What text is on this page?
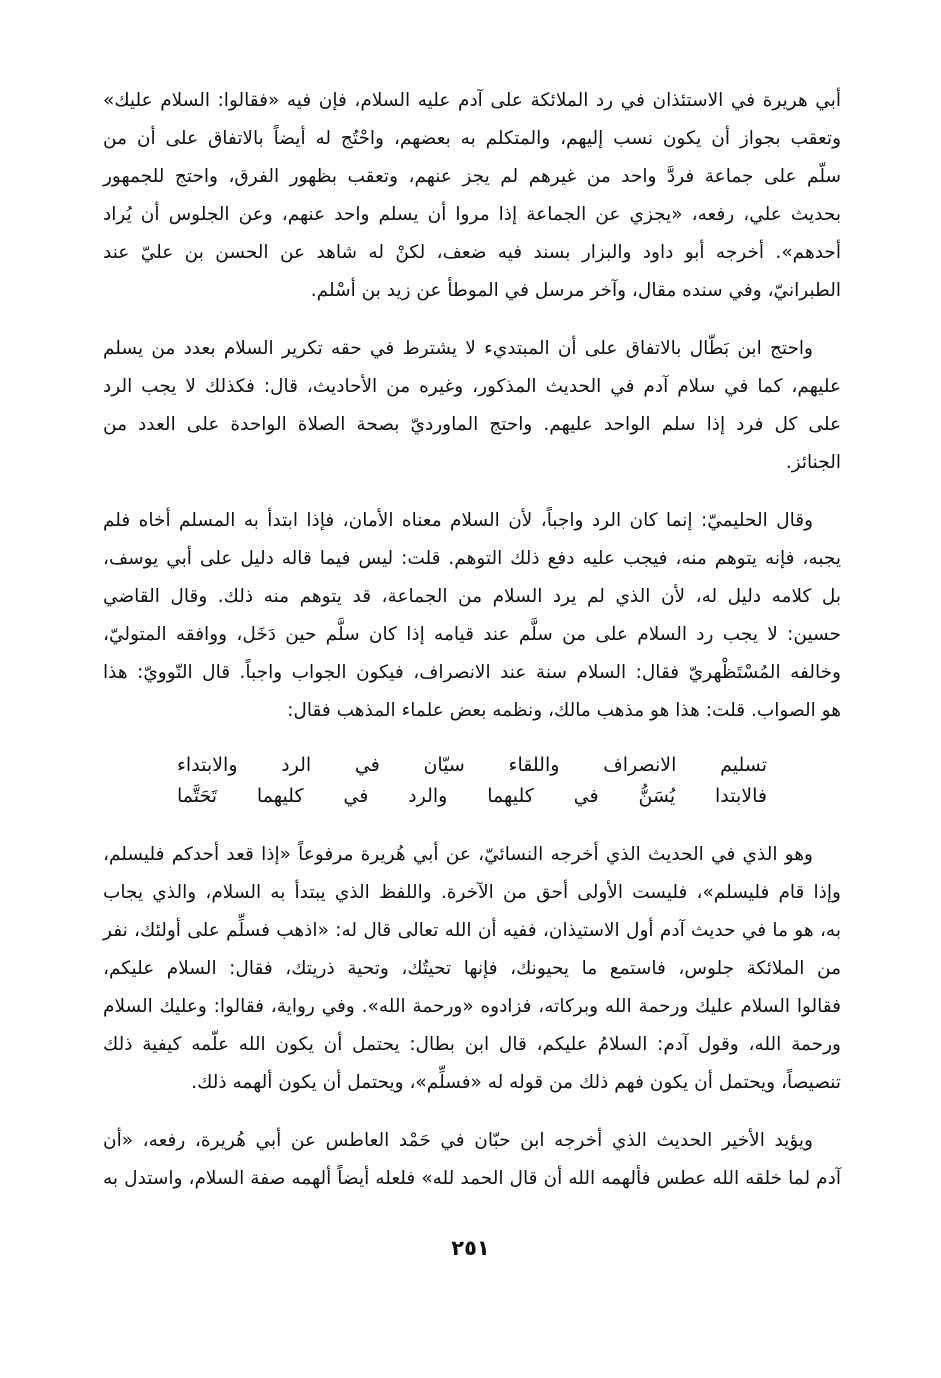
أبي هريرة في الاستئذان في رد الملائكة على آدم عليه السلام، فإن فيه «فقالوا: السلام عليك»
وتعقب بجواز أن يكون نسب إليهم، والمتكلم به بعضهم، واحْتُج له أيضاً بالاتفاق على أن من
سلّم على جماعة فردَّ واحد من غيرهم لم يجز عنهم، وتعقب بظهور الفرق، واحتج للجمهور
بحديث علي، رفعه، «يجزي عن الجماعة إذا مروا أن يسلم واحد عنهم، وعن الجلوس أن يُراد
أحدهم». أخرجه أبو داود والبزار بسند فيه ضعف، لكنْ له شاهد عن الحسن بن عليّ عند
الطبرانيّ، وفي سنده مقال، وآخر مرسل في الموطأ عن زيد بن أسْلم.
واحتج ابن بَطّال بالاتفاق على أن المبتديء لا يشترط في حقه تكرير السلام بعدد من يسلم
عليهم، كما في سلام آدم في الحديث المذكور، وغيره من الأحاديث، قال: فكذلك لا يجب الرد
على كل فرد إذا سلم الواحد عليهم. واحتج الماورديّ بصحة الصلاة الواحدة على العدد من
الجنائز.
وقال الحليميّ: إنما كان الرد واجباً، لأن السلام معناه الأمان، فإذا ابتدأ به المسلم أخاه فلم
يجبه، فإنه يتوهم منه، فيجب عليه دفع ذلك التوهم. قلت: ليس فيما قاله دليل على أبي يوسف،
بل كلامه دليل له، لأن الذي لم يرد السلام من الجماعة، قد يتوهم منه ذلك. وقال القاضي
حسين: لا يجب رد السلام على من سلَّم عند قيامه إذا كان سلَّم حين دَخَل، ووافقه المتوليّ،
وخالفه المُسْتَظْهريّ فقال: السلام سنة عند الانصراف، فيكون الجواب واجباً. قال النّوويّ: هذا
هو الصواب. قلت: هذا هو مذهب مالك، ونظمه بعض علماء المذهب فقال:
تسليم الانصراف واللقاء سيّان في الرد والابتداء
فالابتدا يُسَنُّ في كليهما والرد في كليهما تَحَتَّما
وهو الذي في الحديث الذي أخرجه النسائيّ، عن أبي هُريرة مرفوعاً «إذا قعد أحدكم فليسلم،
وإذا قام فليسلم»، فليست الأولى أحق من الآخرة. واللفظ الذي يبتدأ به السلام، والذي يجاب
به، هو ما في حديث آدم أول الاستيذان، ففيه أن الله تعالى قال له: «اذهب فسلِّم على أولئك، نفر
من الملائكة جلوس، فاستمع ما يحيونك، فإنها تحيتُك، وتحية ذريتك، فقال: السلام عليكم،
فقالوا السلام عليك ورحمة الله وبركاته، فزادوه «ورحمة الله». وفي رواية، فقالوا: وعليك السلام
ورحمة الله، وقول آدم: السلامُ عليكم، قال ابن بطال: يحتمل أن يكون الله علّمه كيفية ذلك
تنصيصاً، ويحتمل أن يكون فهم ذلك من قوله له «فسلِّم»، ويحتمل أن يكون ألهمه ذلك.
ويؤيد الأخير الحديث الذي أخرجه ابن حبّان في حَمْد العاطس عن أبي هُريرة، رفعه، «أن
آدم لما خلقه الله عطس فألهمه الله أن قال الحمد لله» فلعله أيضاً ألهمه صفة السلام، واستدل به
٢٥١
